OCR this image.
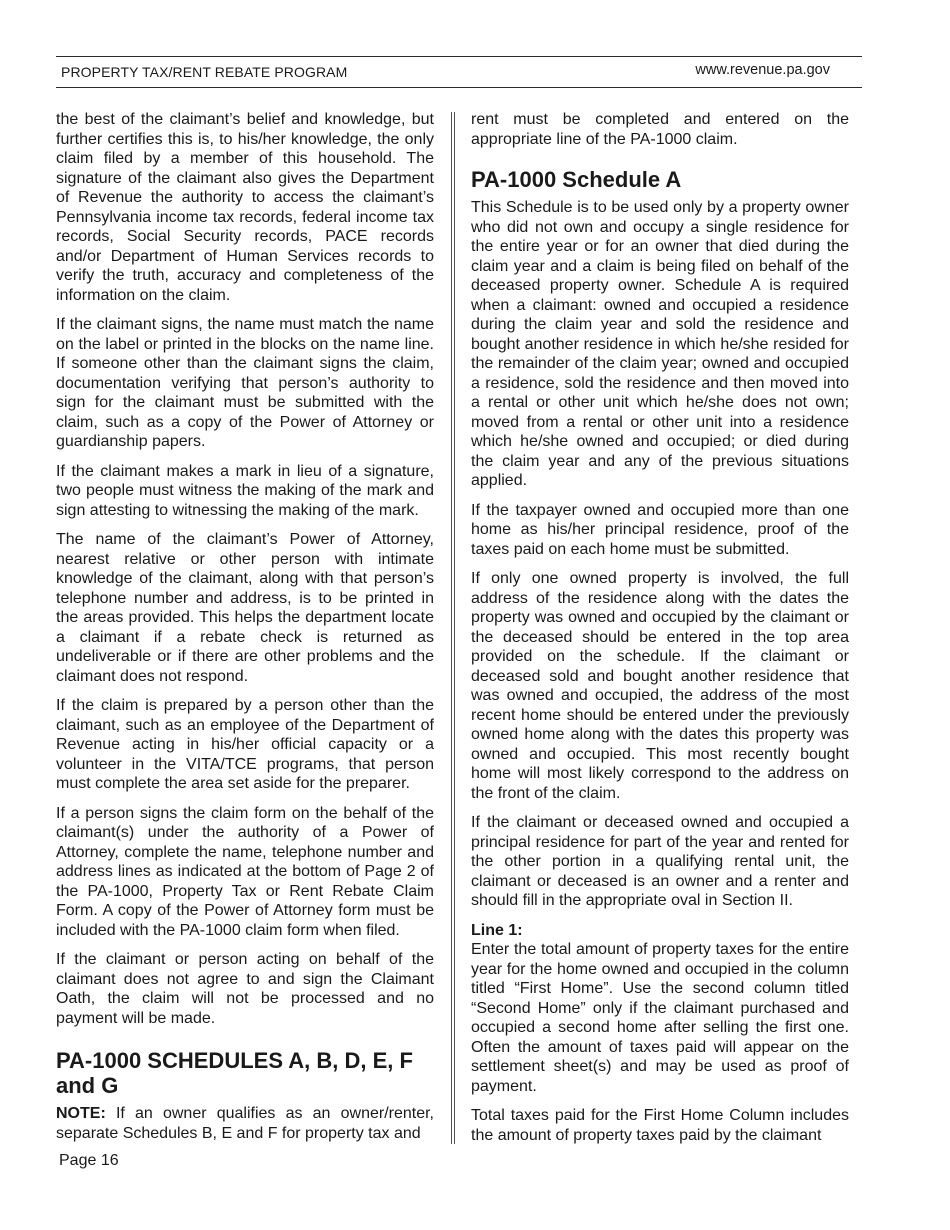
PROPERTY TAX/RENT REBATE PROGRAM	www.revenue.pa.gov

the best of the claimant’s belief and knowledge, but further certifies this is, to his/her knowledge, the only claim filed by a member of this household. The signature of the claimant also gives the Department of Revenue the authority to access the claimant’s Pennsylvania income tax records, federal income tax records, Social Security records, PACE records and/or Department of Human Services records to verify the truth, accuracy and completeness of the information on the claim.

If the claimant signs, the name must match the name on the label or printed in the blocks on the name line. If someone other than the claimant signs the claim, documentation verifying that person’s authority to sign for the claimant must be submitted with the claim, such as a copy of the Power of Attorney or guardianship papers.

If the claimant makes a mark in lieu of a signature, two people must witness the making of the mark and sign attesting to witnessing the making of the mark.

The name of the claimant’s Power of Attorney, nearest relative or other person with intimate knowledge of the claimant, along with that person’s telephone number and address, is to be printed in the areas provided. This helps the department locate a claimant if a rebate check is returned as undeliverable or if there are other problems and the claimant does not respond.

If the claim is prepared by a person other than the claimant, such as an employee of the Department of Revenue acting in his/her official capacity or a volunteer in the VITA/TCE programs, that person must complete the area set aside for the preparer.

If a person signs the claim form on the behalf of the claimant(s) under the authority of a Power of Attorney, complete the name, telephone number and address lines as indicated at the bottom of Page 2 of the PA-1000, Property Tax or Rent Rebate Claim Form. A copy of the Power of Attorney form must be included with the PA-1000 claim form when filed.

If the claimant or person acting on behalf of the claimant does not agree to and sign the Claimant Oath, the claim will not be processed and no payment will be made.

PA-1000 SCHEDULES A, B, D, E, F and G

NOTE: If an owner qualifies as an owner/renter, separate Schedules B, E and F for property tax and

rent must be completed and entered on the appropriate line of the PA-1000 claim.

PA-1000 Schedule A

This Schedule is to be used only by a property owner who did not own and occupy a single residence for the entire year or for an owner that died during the claim year and a claim is being filed on behalf of the deceased property owner. Schedule A is required when a claimant: owned and occupied a residence during the claim year and sold the residence and bought another residence in which he/she resided for the remainder of the claim year; owned and occupied a residence, sold the residence and then moved into a rental or other unit which he/she does not own; moved from a rental or other unit into a residence which he/she owned and occupied; or died during the claim year and any of the previous situations applied.

If the taxpayer owned and occupied more than one home as his/her principal residence, proof of the taxes paid on each home must be submitted.

If only one owned property is involved, the full address of the residence along with the dates the property was owned and occupied by the claimant or the deceased should be entered in the top area provided on the schedule. If the claimant or deceased sold and bought another residence that was owned and occupied, the address of the most recent home should be entered under the previously owned home along with the dates this property was owned and occupied. This most recently bought home will most likely correspond to the address on the front of the claim.

If the claimant or deceased owned and occupied a principal residence for part of the year and rented for the other portion in a qualifying rental unit, the claimant or deceased is an owner and a renter and should fill in the appropriate oval in Section II.

Line 1:
Enter the total amount of property taxes for the entire year for the home owned and occupied in the column titled “First Home”. Use the second column titled “Second Home” only if the claimant purchased and occupied a second home after selling the first one. Often the amount of taxes paid will appear on the settlement sheet(s) and may be used as proof of payment.

Total taxes paid for the First Home Column includes the amount of property taxes paid by the claimant

Page 16
